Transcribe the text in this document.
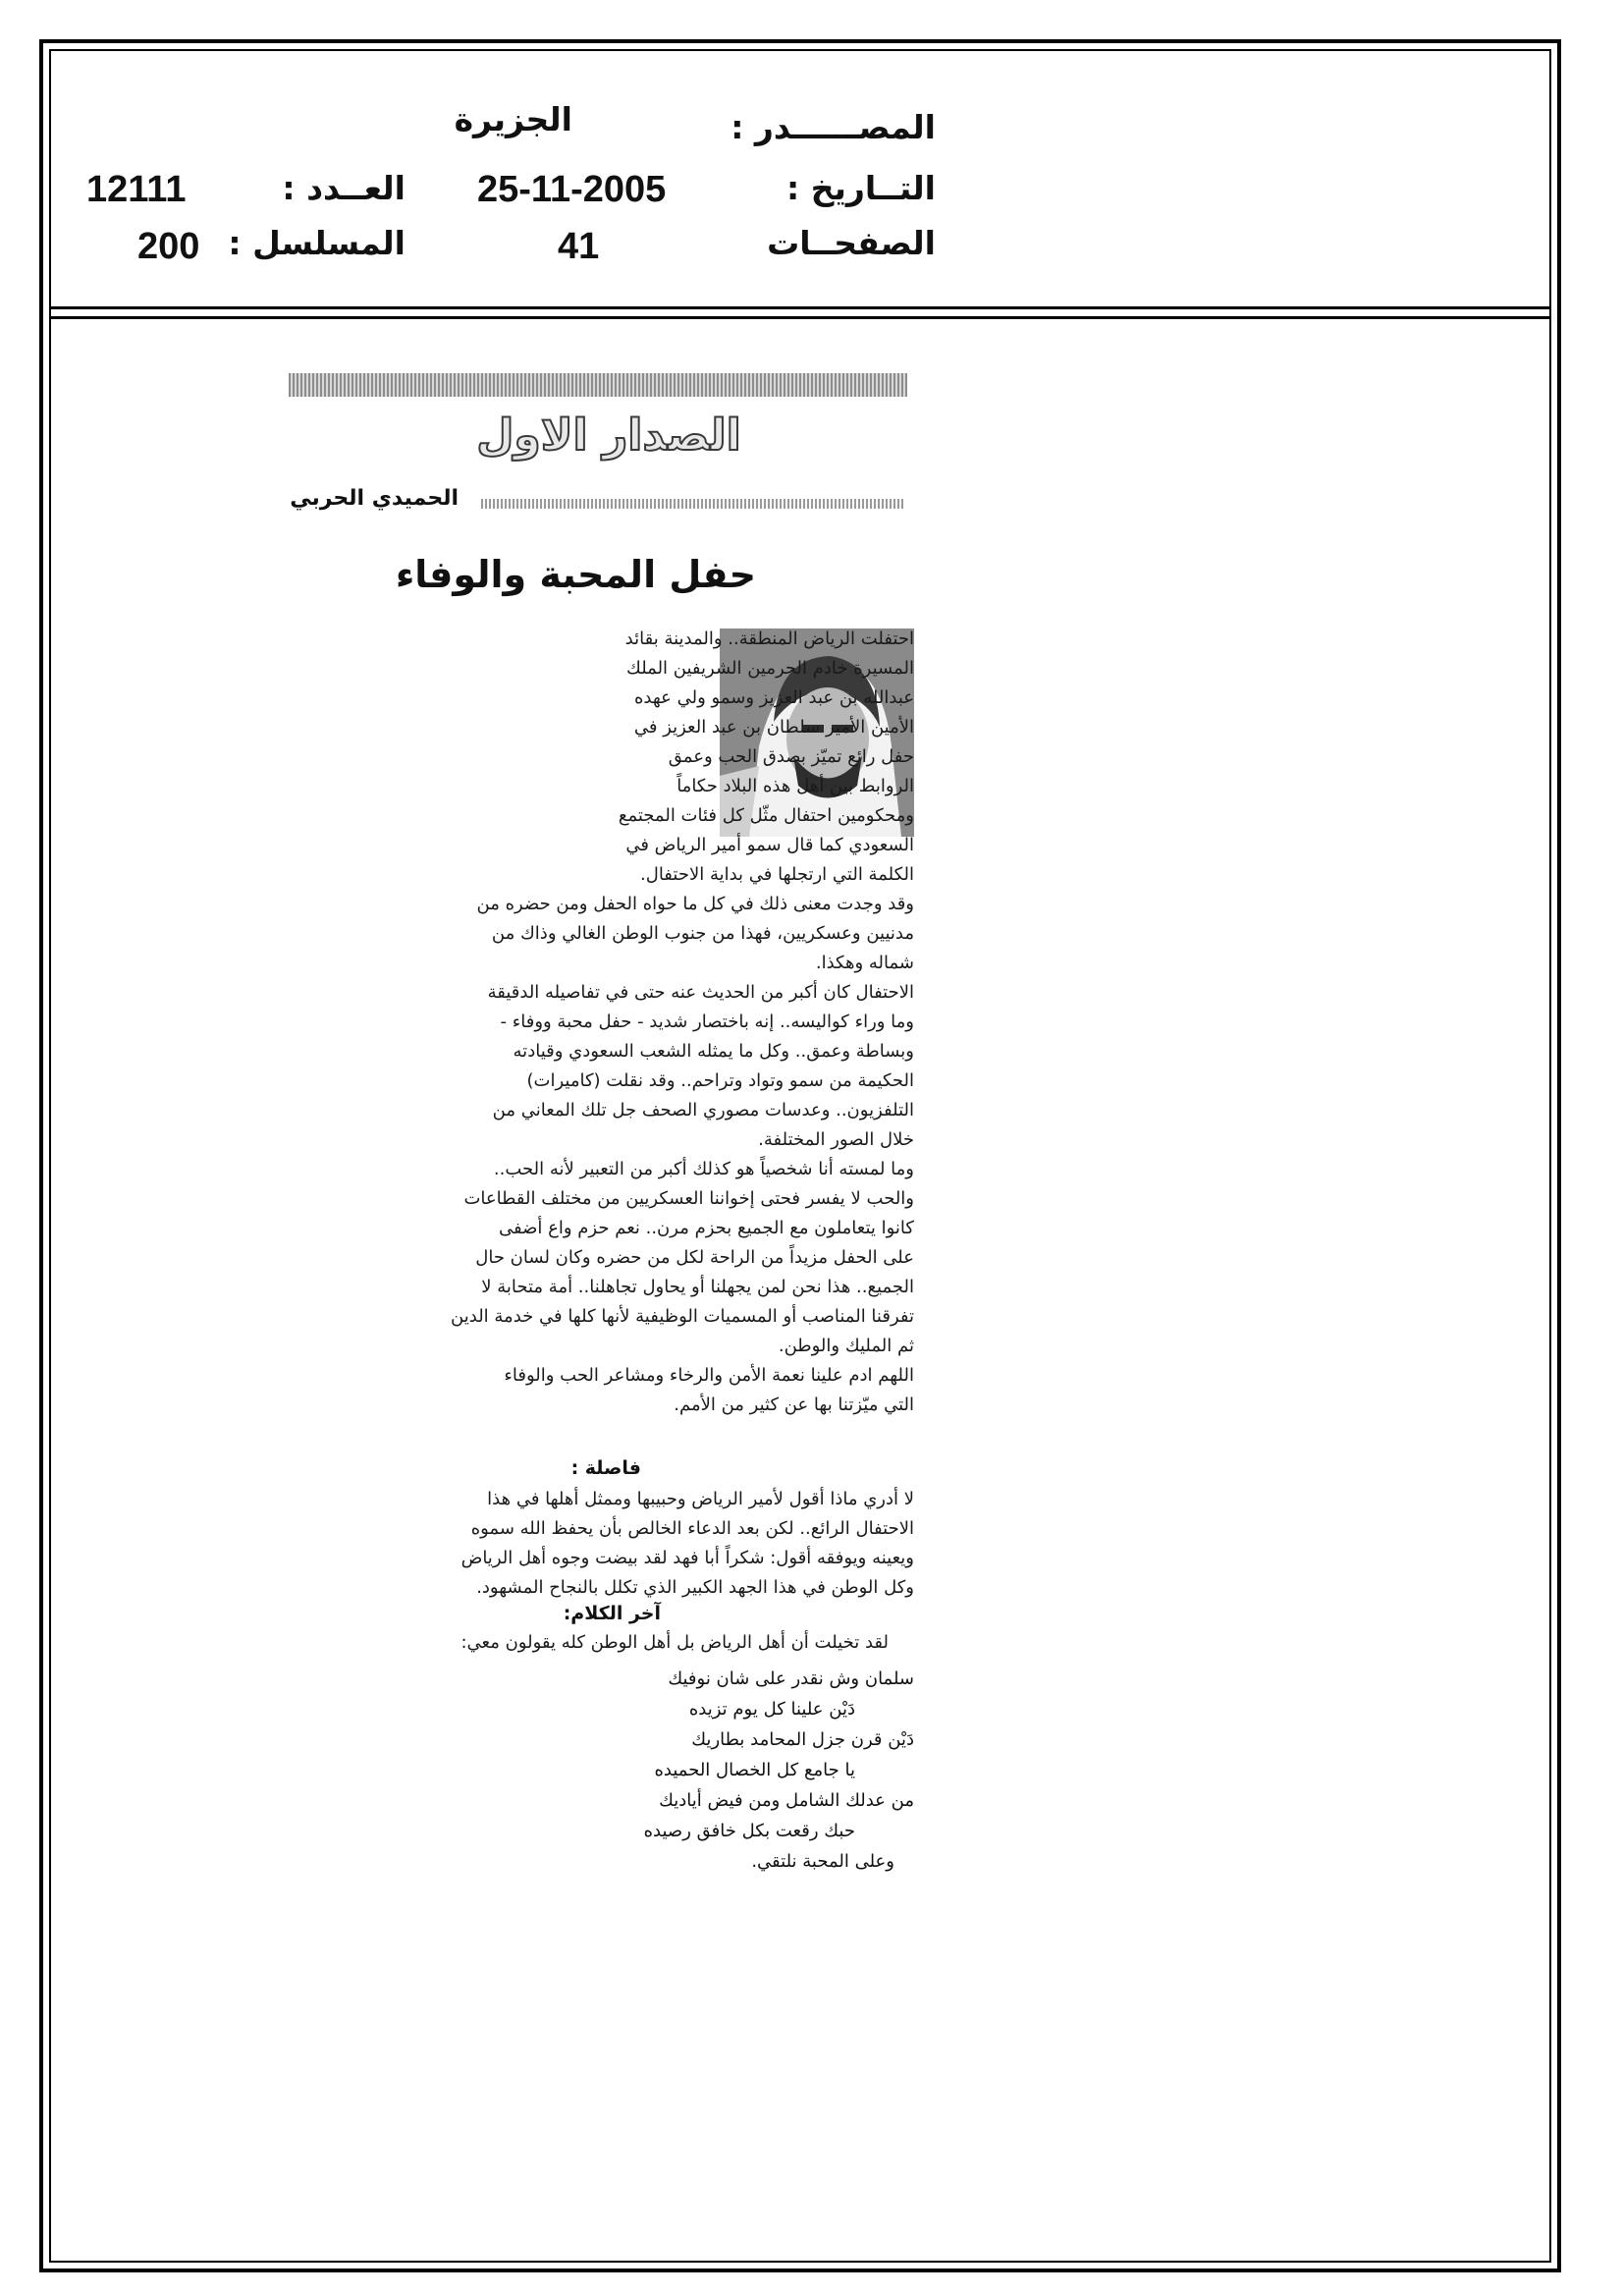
المصــــــدر :
الجزيرة
التــاريخ :
25-11-2005
العــدد :
12111
الصفحــات
41
المسلسل :
200
الصدار الاول
الحميدي الحربي
حفل المحبة والوفاء
احتفلت الرياض المنطقة.. والمدينة بقائد
المسيرة خادم الحرمين الشريفين الملك
عبدالله بن عبد العزيز وسمو ولي عهده
الأمين الأمير سلطان بن عبد العزيز في
حفل رائع تميّز بصدق الحب وعمق
الروابط بين أهل هذه البلاد حكاماً
ومحكومين احتفال مثّل كل فئات المجتمع
السعودي كما قال سمو أمير الرياض في
الكلمة التي ارتجلها في بداية الاحتفال.
وقد وجدت معنى ذلك في كل ما حواه الحفل ومن حضره من
مدنيين وعسكريين، فهذا من جنوب الوطن الغالي وذاك من
شماله وهكذا.
الاحتفال كان أكبر من الحديث عنه حتى في تفاصيله الدقيقة
وما وراء كواليسه.. إنه باختصار شديد - حفل محبة ووفاء -
وبساطة وعمق.. وكل ما يمثله الشعب السعودي وقيادته
الحكيمة من سمو وتواد وتراحم.. وقد نقلت (كاميرات)
التلفزيون.. وعدسات مصوري الصحف جل تلك المعاني من
خلال الصور المختلفة.
وما لمسته أنا شخصياً هو كذلك أكبر من التعبير لأنه الحب..
والحب لا يفسر فحتى إخواننا العسكريين من مختلف القطاعات
كانوا يتعاملون مع الجميع بحزم مرن.. نعم حزم واع أضفى
على الحفل مزيداً من الراحة لكل من حضره وكان لسان حال
الجميع.. هذا نحن لمن يجهلنا أو يحاول تجاهلنا.. أمة متحابة لا
تفرقنا المناصب أو المسميات الوظيفية لأنها كلها في خدمة الدين
ثم المليك والوطن.
اللهم ادم علينا نعمة الأمن والرخاء ومشاعر الحب والوفاء
التي ميّزتنا بها عن كثير من الأمم.
فاصلة :
لا أدري ماذا أقول لأمير الرياض وحبيبها وممثل أهلها في هذا
الاحتفال الرائع.. لكن بعد الدعاء الخالص بأن يحفظ الله سموه
ويعينه ويوفقه أقول: شكراً أبا فهد لقد بيضت وجوه أهل الرياض
وكل الوطن في هذا الجهد الكبير الذي تكلل بالنجاح المشهود.
آخر الكلام:
لقد تخيلت أن أهل الرياض بل أهل الوطن كله يقولون معي:
سلمان وش نقدر على شان نوفيك
دَيْن علينا كل يوم تزيده
دَيْن قرن جزل المحامد بطاريك
يا جامع كل الخصال الحميده
من عدلك الشامل ومن فيض أياديك
حبك رقعت بكل خافق رصيده
وعلى المحبة نلتقي.
